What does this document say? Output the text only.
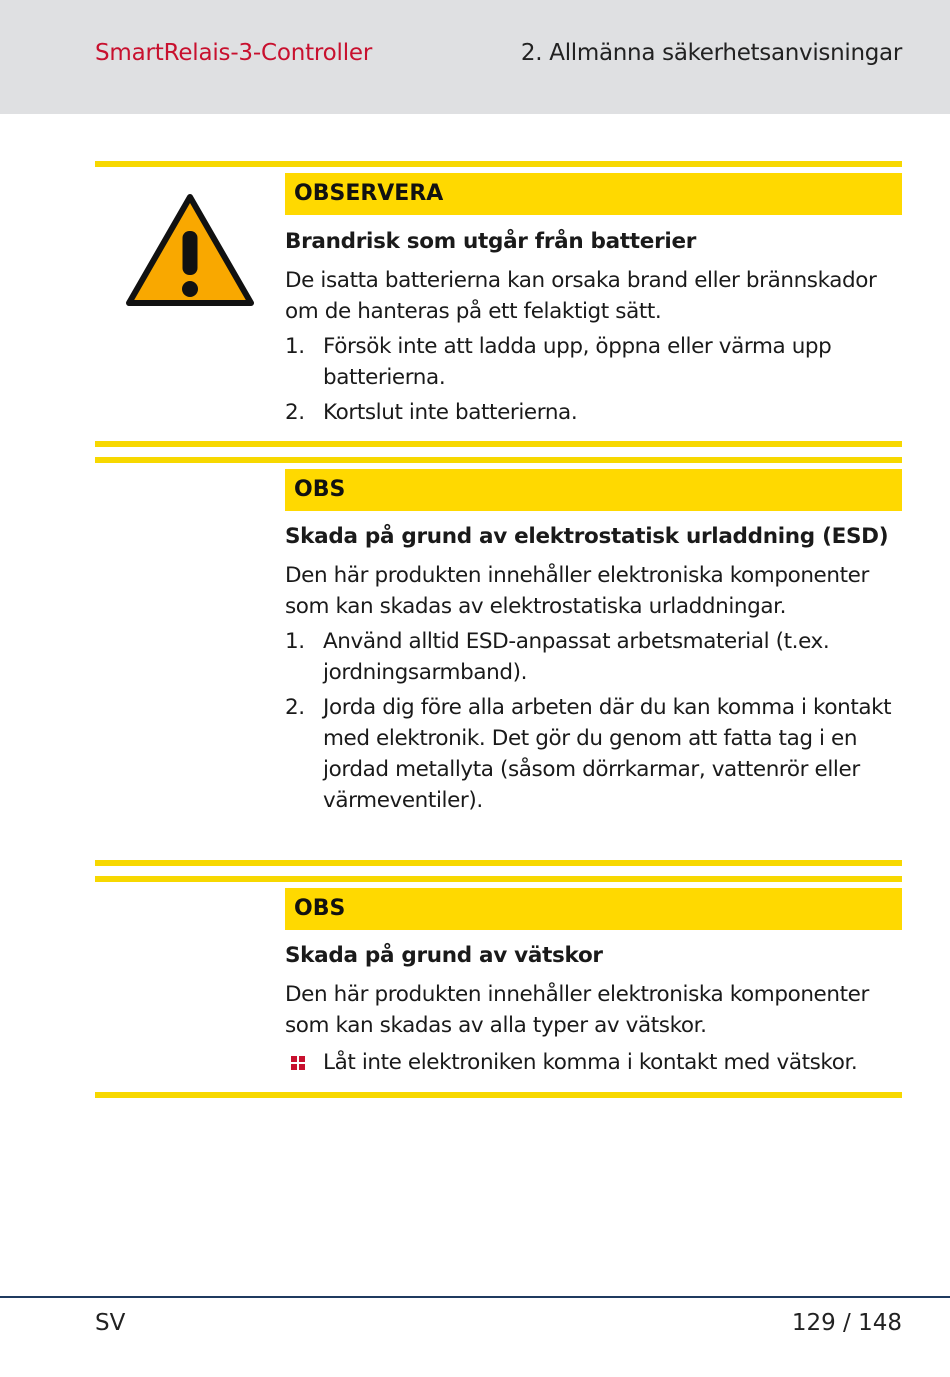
SmartRelais-3-Controller	2. Allmänna säkerhetsanvisningar
OBSERVERA

Brandrisk som utgår från batterier

De isatta batterierna kan orsaka brand eller brännskador om de hanteras på ett felaktigt sätt.

1. Försök inte att ladda upp, öppna eller värma upp batterierna.
2. Kortslut inte batterierna.
OBS

Skada på grund av elektrostatisk urladdning (ESD)

Den här produkten innehåller elektroniska komponenter som kan skadas av elektrostatiska urladdningar.

1. Använd alltid ESD-anpassat arbetsmaterial (t.ex. jordningsarmband).
2. Jorda dig före alla arbeten där du kan komma i kontakt med elektronik. Det gör du genom att fatta tag i en jordad metallyta (såsom dörrkarmar, vattenrör eller värmeventiler).
OBS

Skada på grund av vätskor

Den här produkten innehåller elektroniska komponenter som kan skadas av alla typer av vätskor.

Låt inte elektroniken komma i kontakt med vätskor.
SV	129 / 148
